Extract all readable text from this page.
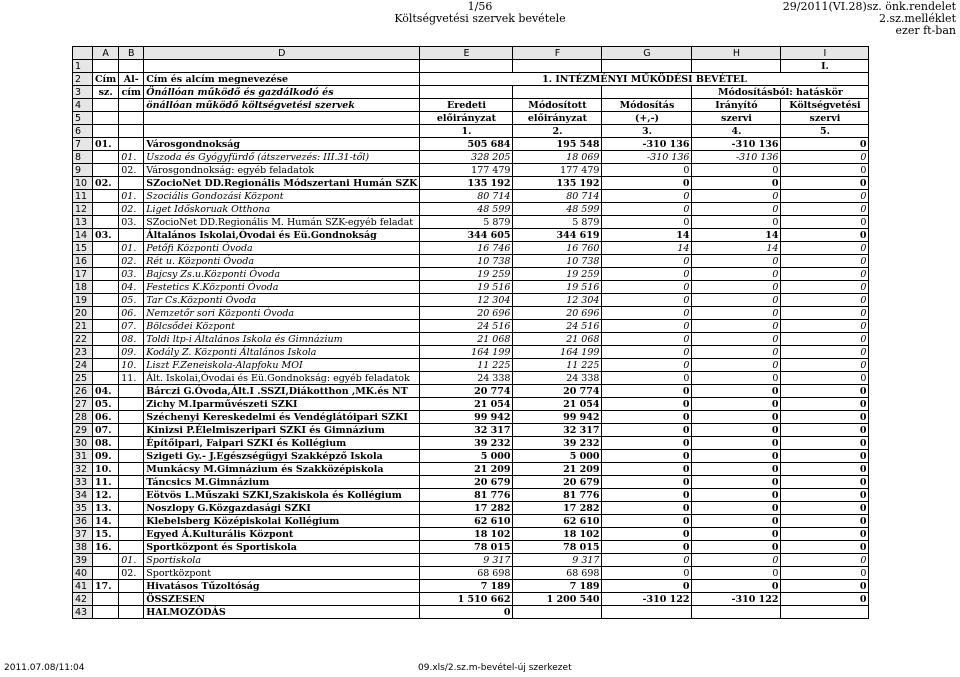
1/56
Költségvetési szervek bevétele
29/2011(VI.28)sz. önk.rendelet
2.sz.melléklet
ezer ft-ban
	A	B	D	E	F	G	H	I
1								I.
2	Cím	Al-	Cím és alcím megnevezése	1. INTÉZMÉNYI MŰKÖDÉSI BEVÉTEL				
3	sz.	cím	Önállóan működő és gazdálkodó és				Módosításból: hatáskör	
4			önállóan működő költségvetési szervek	Eredeti	Módosított	Módosítás	Irányító	Költségvetési
5				előirányzat	előirányzat	(+,-)	szervi	szervi
6				1.	2.	3.	4.	5.
7	01.		Városgondnokság	505 684	195 548	-310 136	-310 136	0
8		01.	Uszoda és Gyógyfürdő (átszervezés: III.31-től)	328 205	18 069	-310 136	-310 136	0
9		02.	Városgondnokság: egyéb feladatok	177 479	177 479	0	0	0
10	02.		SZocioNet DD.Regionális Módszertani Humán SZK	135 192	135 192	0	0	0
11		01.	Szociális Gondozási Központ	80 714	80 714	0	0	0
12		02.	Liget Időskoruak Otthona	48 599	48 599	0	0	0
13		03.	SZocioNet DD.Regionális M. Humán SZK-egyéb feladat	5 879	5 879	0	0	0
14	03.		Általános Iskolai,Óvodai és Eü.Gondnokság	344 605	344 619	14	14	0
15		01.	Petőfi Központi Óvoda	16 746	16 760	14	14	0
16		02.	Rét u. Központi Óvoda	10 738	10 738	0	0	0
17		03.	Bajcsy Zs.u.Központi Óvoda	19 259	19 259	0	0	0
18		04.	Festetics K.Központi Óvoda	19 516	19 516	0	0	0
19		05.	Tar Cs.Központi Óvoda	12 304	12 304	0	0	0
20		06.	Nemzetőr sori Központi Óvoda	20 696	20 696	0	0	0
21		07.	Bölcsődei Központ	24 516	24 516	0	0	0
22		08.	Toldi ltp-i Általános Iskola és Gimnázium	21 068	21 068	0	0	0
23		09.	Kodály Z. Központi Általános Iskola	164 199	164 199	0	0	0
24		10.	Liszt F.Zeneiskola-Alapfoku MOI	11 225	11 225	0	0	0
25		11.	Ált. Iskolai,Óvodai és Eü.Gondnokság: egyéb feladatok	24 338	24 338	0	0	0
26	04.		Bárczi G.Óvoda,Ált.I .SSZI,Diákotthon ,MK.és NT	20 774	20 774	0	0	0
27	05.		Zichy M.Iparművészeti SZKI	21 054	21 054	0	0	0
28	06.		Széchenyi Kereskedelmi és Vendéglátóipari SZKI	99 942	99 942	0	0	0
29	07.		Kinizsi P.Élelmiszeripari SZKI és Gimnázium	32 317	32 317	0	0	0
30	08.		Építőipari, Faipari SZKI és Kollégium	39 232	39 232	0	0	0
31	09.		Szigeti Gy.- J.Egészségügyi Szakképző Iskola	5 000	5 000	0	0	0
32	10.		Munkácsy M.Gimnázium és Szakközépiskola	21 209	21 209	0	0	0
33	11.		Táncsics M.Gimnázium	20 679	20 679	0	0	0
34	12.		Eötvös L.Műszaki SZKI,Szakiskola és Kollégium	81 776	81 776	0	0	0
35	13.		Noszlopy G.Közgazdasági SZKI	17 282	17 282	0	0	0
36	14.		Klebelsberg Középiskolai Kollégium	62 610	62 610	0	0	0
37	15.		Egyed Á.Kulturális Központ	18 102	18 102	0	0	0
38	16.		Sportközpont és Sportiskola	78 015	78 015	0	0	0
39		01.	Sportiskola	9 317	9 317	0	0	0
40		02.	Sportközpont	68 698	68 698	0	0	0
41	17.		Hivatásos Tűzoltóság	7 189	7 189	0	0	0
42			ÖSSZESEN	1 510 662	1 200 540	-310 122	-310 122	0
43			HALMOZÓDÁS	0				
2011.07.08/11:04	09.xls/2.sz.m-bevétel-új szerkezet
